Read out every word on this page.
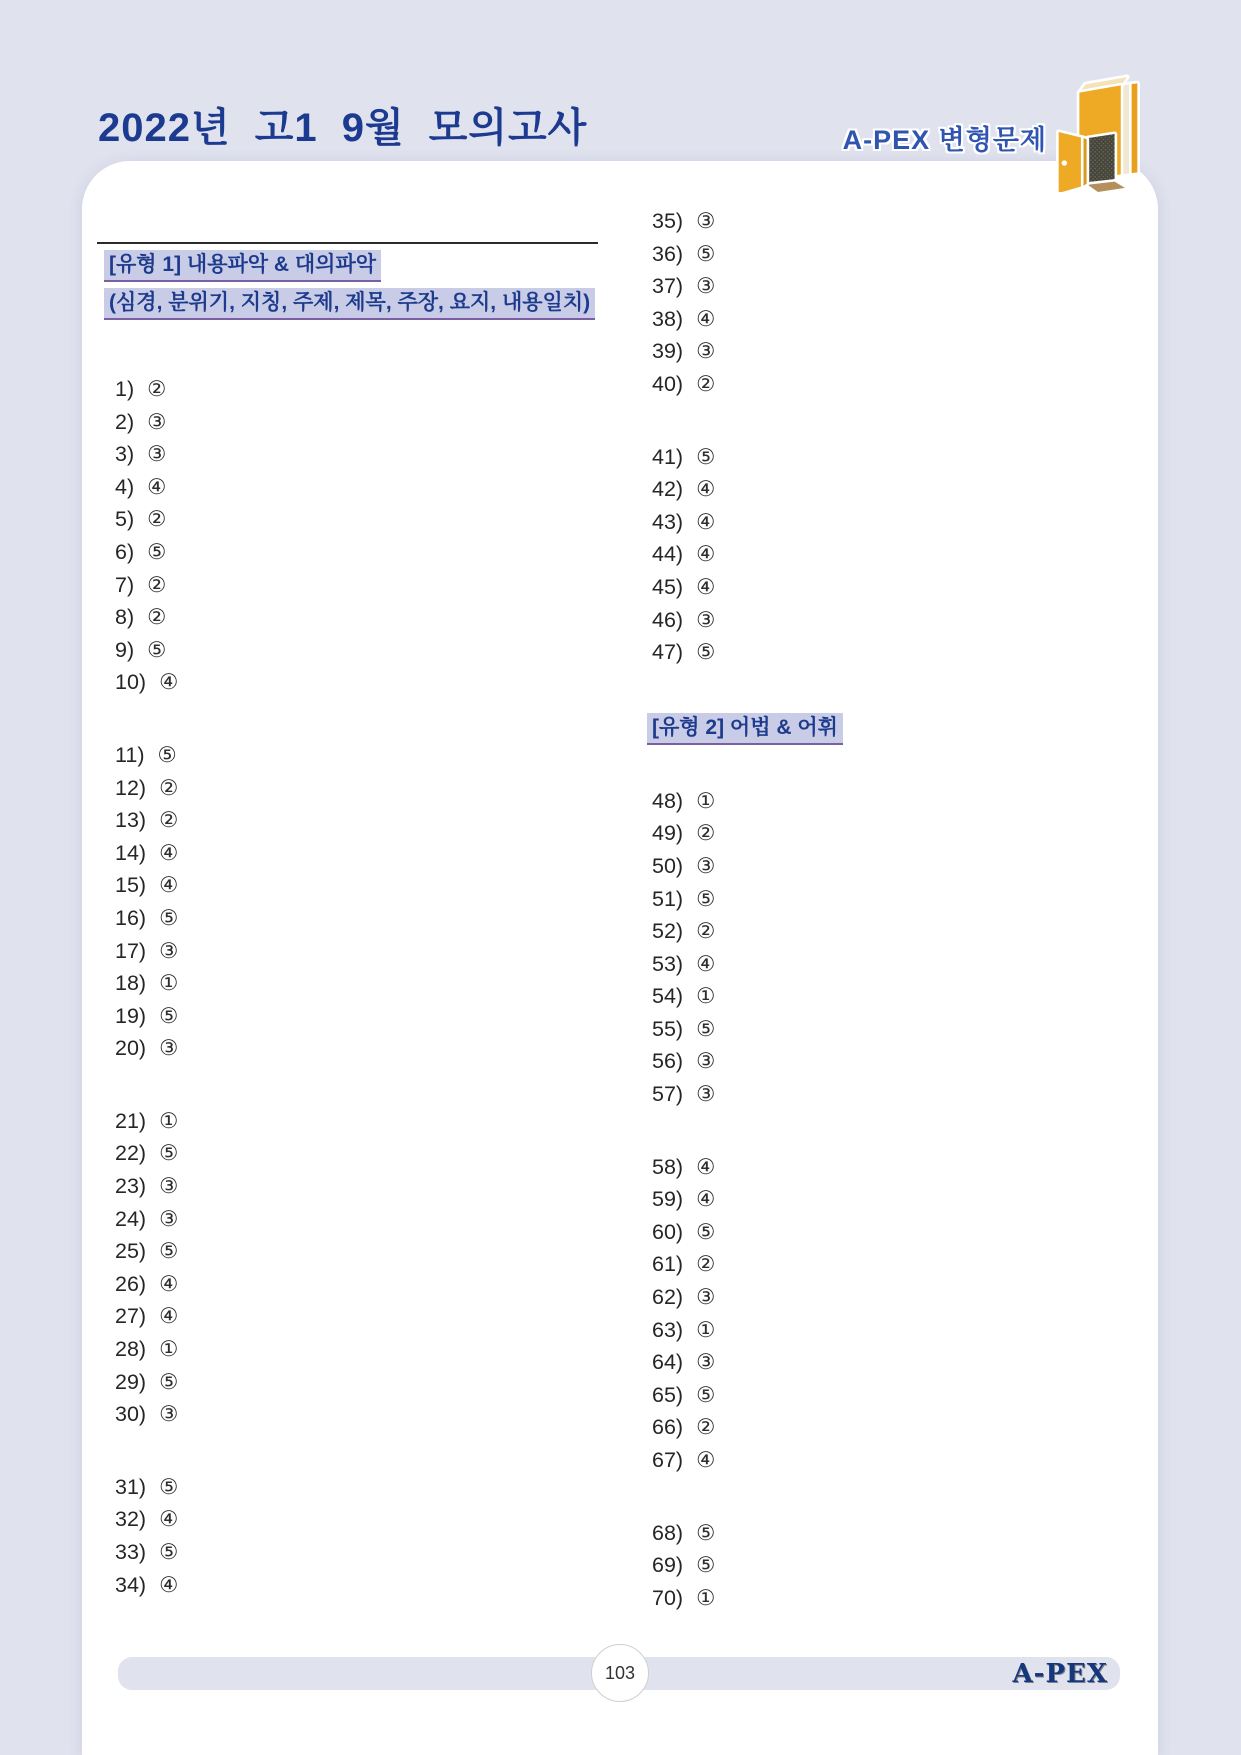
2022년 고1 9월 모의고사	A-PEX 변형문제
[유형 1] 내용파악 & 대의파악
(심경, 분위기, 지칭, 주제, 제목, 주장, 요지, 내용일치)
1) ②
2) ③
3) ③
4) ④
5) ②
6) ⑤
7) ②
8) ②
9) ⑤
10) ④
11) ⑤
12) ②
13) ②
14) ④
15) ④
16) ⑤
17) ③
18) ①
19) ⑤
20) ③
21) ①
22) ⑤
23) ③
24) ③
25) ⑤
26) ④
27) ④
28) ①
29) ⑤
30) ③
31) ⑤
32) ④
33) ⑤
34) ④
35) ③
36) ⑤
37) ③
38) ④
39) ③
40) ②
41) ⑤
42) ④
43) ④
44) ④
45) ④
46) ③
47) ⑤
[유형 2] 어법 & 어휘
48) ①
49) ②
50) ③
51) ⑤
52) ②
53) ④
54) ①
55) ⑤
56) ③
57) ③
58) ④
59) ④
60) ⑤
61) ②
62) ③
63) ①
64) ③
65) ⑤
66) ②
67) ④
68) ⑤
69) ⑤
70) ①
103	A-PEX
